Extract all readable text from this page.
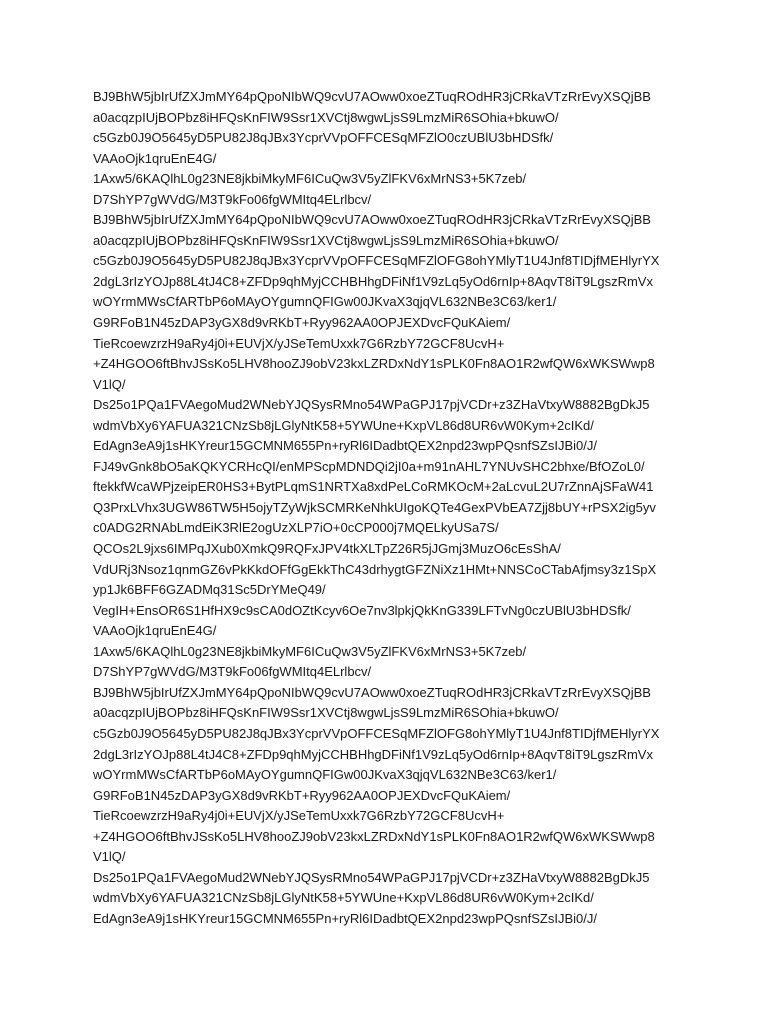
BJ9BhW5jbIrUfZXJmMY64pQpoNIbWQ9cvU7AOww0xoeZTuqROdHR3jCRkaVTzRrEvyXSQjBB
a0acqzpIUjBOPbz8iHFQsKnFIW9Ssr1XVCtj8wgwLjsS9LmzMiR6SOhia+bkuwO/
c5Gzb0J9O5645yD5PU82J8qJBx3YcprVVpOFFCESqMFZlO0czUBlU3bHDSfk/
VAAoOjk1qruEnE4G/
1Axw5/6KAQlhL0g23NE8jkbiMkyMF6ICuQw3V5yZlFKV6xMrNS3+5K7zeb/
D7ShYP7gWVdG/M3T9kFo06fgWMItq4ELrlbcv/
BJ9BhW5jbIrUfZXJmMY64pQpoNIbWQ9cvU7AOww0xoeZTuqROdHR3jCRkaVTzRrEvyXSQjBB
a0acqzpIUjBOPbz8iHFQsKnFIW9Ssr1XVCtj8wgwLjsS9LmzMiR6SOhia+bkuwO/
c5Gzb0J9O5645yD5PU82J8qJBx3YcprVVpOFFCESqMFZlOFG8ohYMlyT1U4Jnf8TIDjfMEHlyrYX
2dgL3rIzYOJp88L4tJ4C8+ZFDp9qhMyjCCHBHhgDFiNf1V9zLq5yOd6rnIp+8AqvT8iT9LgszRmVx
wOYrmMWsCfARTbP6oMAyOYgumnQFIGw00JKvaX3qjqVL632NBe3C63/ker1/
G9RFoB1N45zDAP3yGX8d9vRKbT+Ryy962AA0OPJEXDvcFQuKAiem/
TieRcoewzrzH9aRy4j0i+EUVjX/yJSeTemUxxk7G6RzbY72GCF8UcvH+
+Z4HGOO6ftBhvJSsKo5LHV8hooZJ9obV23kxLZRDxNdY1sPLK0Fn8AO1R2wfQW6xWKSWwp8
V1lQ/
Ds25o1PQa1FVAegoMud2WNebYJQSysRMno54WPaGPJ17pjVCDr+z3ZHaVtxyW8882BgDkJ5
wdmVbXy6YAFUA321CNzSb8jLGlyNtK58+5YWUne+KxpVL86d8UR6vW0Kym+2cIKd/
EdAgn3eA9j1sHKYreur15GCMNM655Pn+ryRl6IDadbtQEX2npd23wpPQsnfSZsIJBi0/J/
FJ49vGnk8bO5aKQKYCRHcQI/enMPScpMDNDQi2jI0a+m91nAHL7YNUvSHC2bhxe/BfOZoL0/
ftekkfWcaWPjzeipER0HS3+BytPLqmS1NRTXa8xdPeLCoRMKOcM+2aLcvuL2U7rZnnAjSFaW41
Q3PrxLVhx3UGW86TW5H5ojyTZyWjkSCMRKeNhkUIgoKQTe4GexPVbEA7Zjj8bUY+rPSX2ig5yv
c0ADG2RNAbLmdEiK3RlE2ogUzXLP7iO+0cCP000j7MQELkyUSa7S/
QCOs2L9jxs6IMPqJXub0XmkQ9RQFxJPV4tkXLTpZ26R5jJGmj3MuzO6cEsShA/
VdURj3Nsoz1qnmGZ6vPkKkdOFfGgEkkThC43drhygtGFZNiXz1HMt+NNSCoCTabAfjmsy3z1SpX
yp1Jk6BFF6GZADMq31Sc5DrYMeQ49/
VegIH+EnsOR6S1HfHX9c9sCA0dOZtKcyv6Oe7nv3lpkjQkKnG339LFTvNg0czUBlU3bHDSfk/
VAAoOjk1qruEnE4G/
1Axw5/6KAQlhL0g23NE8jkbiMkyMF6ICuQw3V5yZlFKV6xMrNS3+5K7zeb/
D7ShYP7gWVdG/M3T9kFo06fgWMItq4ELrlbcv/
BJ9BhW5jbIrUfZXJmMY64pQpoNIbWQ9cvU7AOww0xoeZTuqROdHR3jCRkaVTzRrEvyXSQjBB
a0acqzpIUjBOPbz8iHFQsKnFIW9Ssr1XVCtj8wgwLjsS9LmzMiR6SOhia+bkuwO/
c5Gzb0J9O5645yD5PU82J8qJBx3YcprVVpOFFCESqMFZlOFG8ohYMlyT1U4Jnf8TIDjfMEHlyrYX
2dgL3rIzYOJp88L4tJ4C8+ZFDp9qhMyjCCHBHhgDFiNf1V9zLq5yOd6rnIp+8AqvT8iT9LgszRmVx
wOYrmMWsCfARTbP6oMAyOYgumnQFIGw00JKvaX3qjqVL632NBe3C63/ker1/
G9RFoB1N45zDAP3yGX8d9vRKbT+Ryy962AA0OPJEXDvcFQuKAiem/
TieRcoewzrzH9aRy4j0i+EUVjX/yJSeTemUxxk7G6RzbY72GCF8UcvH+
+Z4HGOO6ftBhvJSsKo5LHV8hooZJ9obV23kxLZRDxNdY1sPLK0Fn8AO1R2wfQW6xWKSWwp8
V1lQ/
Ds25o1PQa1FVAegoMud2WNebYJQSysRMno54WPaGPJ17pjVCDr+z3ZHaVtxyW8882BgDkJ5
wdmVbXy6YAFUA321CNzSb8jLGlyNtK58+5YWUne+KxpVL86d8UR6vW0Kym+2cIKd/
EdAgn3eA9j1sHKYreur15GCMNM655Pn+ryRl6IDadbtQEX2npd23wpPQsnfSZsIJBi0/J/
